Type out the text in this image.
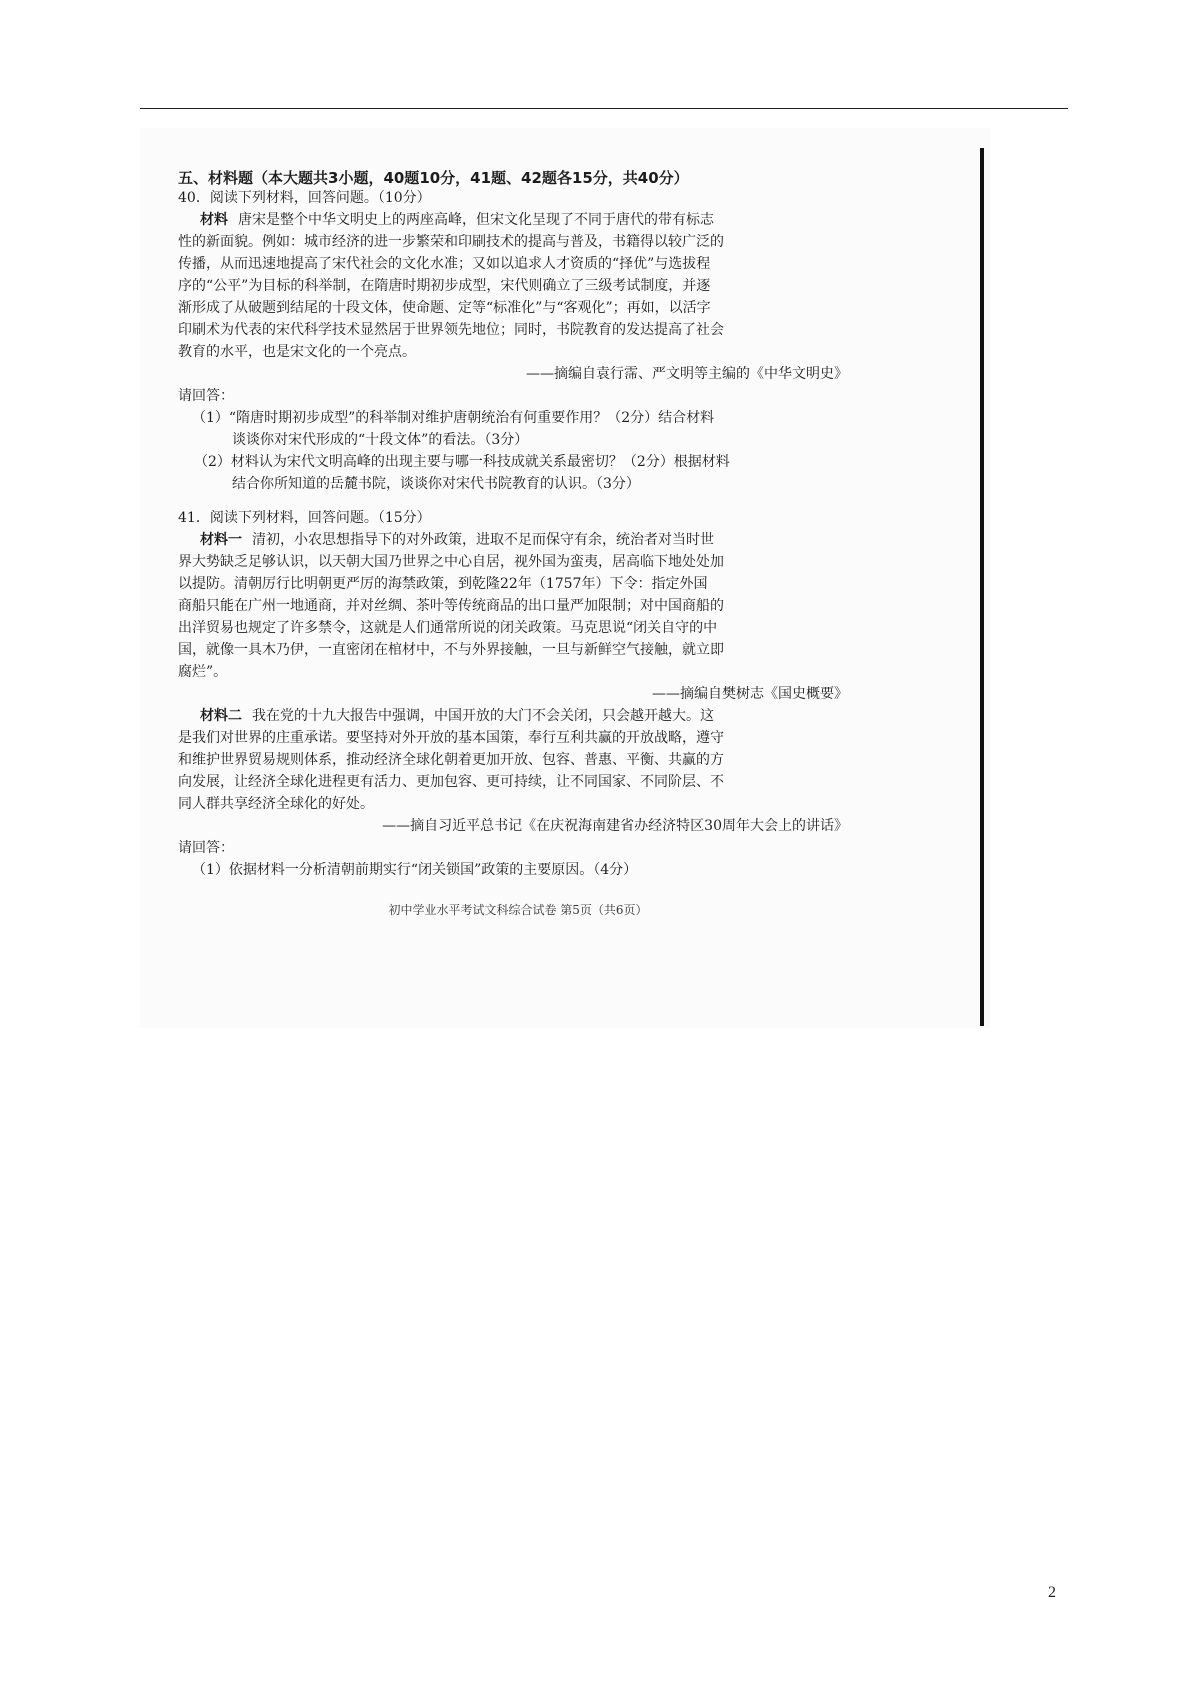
五、材料题（本大题共3小题，40题10分，41题、42题各15分，共40分）
40．阅读下列材料，回答问题。（10分）
材料 唐宋是整个中华文明史上的两座高峰，但宋文化呈现了不同于唐代的带有标志
性的新面貌。例如：城市经济的进一步繁荣和印刷技术的提高与普及，书籍得以较广泛的
传播，从而迅速地提高了宋代社会的文化水准；又如以追求人才资质的“择优”与选拔程
序的“公平”为目标的科举制，在隋唐时期初步成型，宋代则确立了三级考试制度，并逐
渐形成了从破题到结尾的十段文体，使命题、定等“标准化”与“客观化”；再如，以活字
印刷术为代表的宋代科学技术显然居于世界领先地位；同时，书院教育的发达提高了社会
教育的水平，也是宋文化的一个亮点。
——摘编自袁行霈、严文明等主编的《中华文明史》
请回答：
（1）“隋唐时期初步成型”的科举制对维护唐朝统治有何重要作用？（2分）结合材料
谈谈你对宋代形成的“十段文体”的看法。（3分）
（2）材料认为宋代文明高峰的出现主要与哪一科技成就关系最密切？（2分）根据材料
结合你所知道的岳麓书院，谈谈你对宋代书院教育的认识。（3分）
41．阅读下列材料，回答问题。（15分）
材料一 清初，小农思想指导下的对外政策，进取不足而保守有余，统治者对当时世
界大势缺乏足够认识，以天朝大国乃世界之中心自居，视外国为蛮夷，居高临下地处处加
以提防。清朝厉行比明朝更严厉的海禁政策，到乾隆22年（1757年）下令：指定外国
商船只能在广州一地通商，并对丝绸、茶叶等传统商品的出口量严加限制；对中国商船的
出洋贸易也规定了许多禁令，这就是人们通常所说的闭关政策。马克思说“闭关自守的中
国，就像一具木乃伊，一直密闭在棺材中，不与外界接触，一旦与新鲜空气接触，就立即
腐烂”。
——摘编自樊树志《国史概要》
材料二 我在党的十九大报告中强调，中国开放的大门不会关闭，只会越开越大。这
是我们对世界的庄重承诺。要坚持对外开放的基本国策，奉行互利共赢的开放战略，遵守
和维护世界贸易规则体系，推动经济全球化朝着更加开放、包容、普惠、平衡、共赢的方
向发展，让经济全球化进程更有活力、更加包容、更可持续，让不同国家、不同阶层、不
同人群共享经济全球化的好处。
——摘自习近平总书记《在庆祝海南建省办经济特区30周年大会上的讲话》
请回答：
（1）依据材料一分析清朝前期实行“闭关锁国”政策的主要原因。（4分）
初中学业水平考试文科综合试卷 第5页（共6页）
2
